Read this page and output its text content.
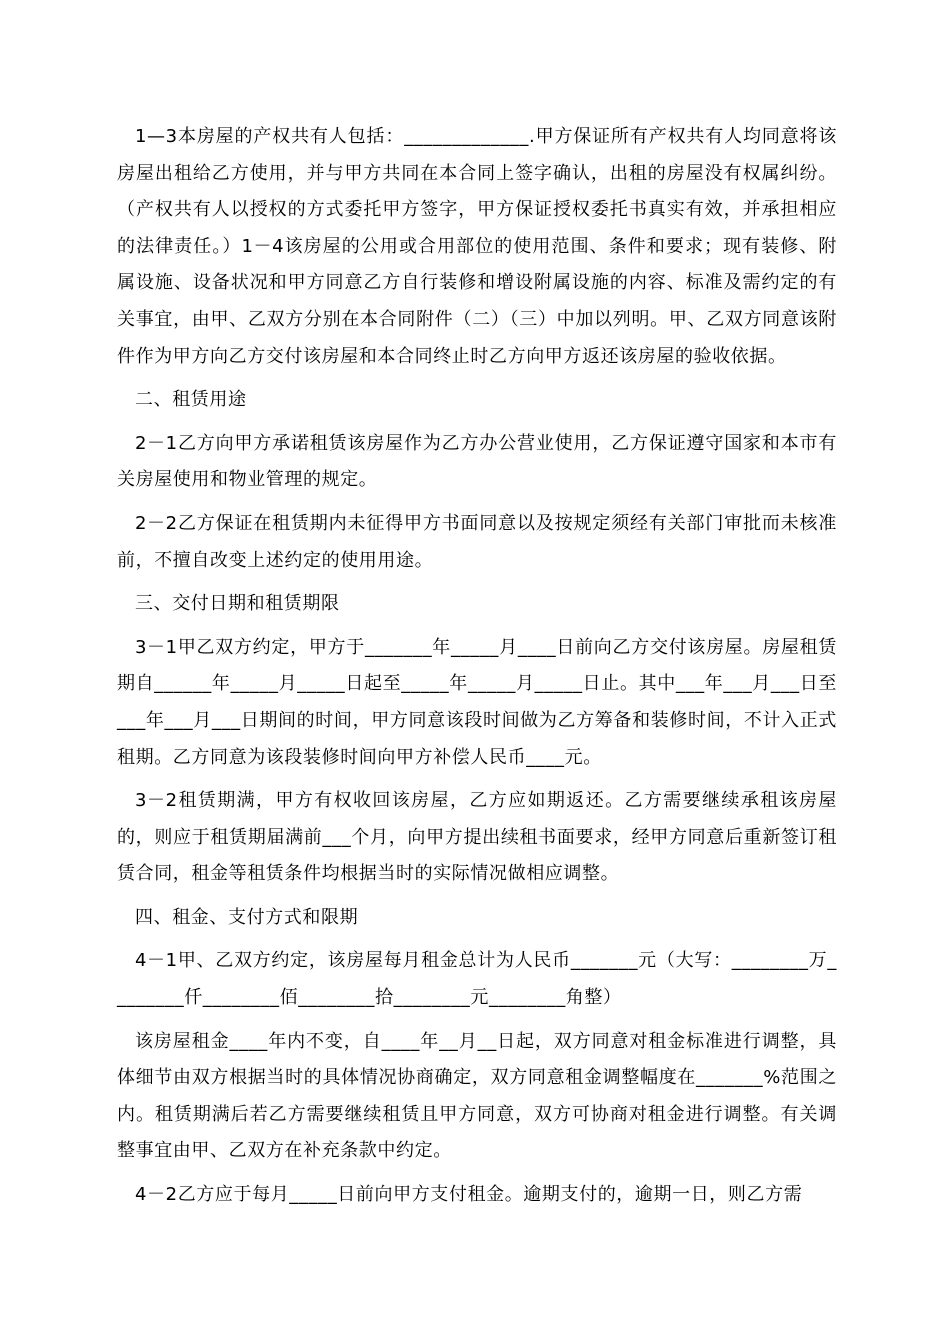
1—3本房屋的产权共有人包括：_____________.甲方保证所有产权共有人均同意将该房屋出租给乙方使用，并与甲方共同在本合同上签字确认，出租的房屋没有权属纠纷。（产权共有人以授权的方式委托甲方签字，甲方保证授权委托书真实有效，并承担相应的法律责任。）1－4该房屋的公用或合用部位的使用范围、条件和要求；现有装修、附属设施、设备状况和甲方同意乙方自行装修和增设附属设施的内容、标准及需约定的有关事宜，由甲、乙双方分别在本合同附件（二）（三）中加以列明。甲、乙双方同意该附件作为甲方向乙方交付该房屋和本合同终止时乙方向甲方返还该房屋的验收依据。

二、租赁用途

2－1乙方向甲方承诺租赁该房屋作为乙方办公营业使用，乙方保证遵守国家和本市有关房屋使用和物业管理的规定。

2－2乙方保证在租赁期内未征得甲方书面同意以及按规定须经有关部门审批而未核准前，不擅自改变上述约定的使用用途。

三、交付日期和租赁期限

3－1甲乙双方约定，甲方于_______年_____月____日前向乙方交付该房屋。房屋租赁期自______年_____月_____日起至_____年_____月_____日止。其中___年___月___日至___年___月___日期间的时间，甲方同意该段时间做为乙方筹备和装修时间，不计入正式租期。乙方同意为该段装修时间向甲方补偿人民币____元。

3－2租赁期满，甲方有权收回该房屋，乙方应如期返还。乙方需要继续承租该房屋的，则应于租赁期届满前___个月，向甲方提出续租书面要求，经甲方同意后重新签订租赁合同，租金等租赁条件均根据当时的实际情况做相应调整。

四、租金、支付方式和限期

4－1甲、乙双方约定，该房屋每月租金总计为人民币_______元（大写：________万________仟________佰________拾________元________角整）

该房屋租金____年内不变，自____年__月__日起，双方同意对租金标准进行调整，具体细节由双方根据当时的具体情况协商确定，双方同意租金调整幅度在_______%范围之内。租赁期满后若乙方需要继续租赁且甲方同意，双方可协商对租金进行调整。有关调整事宜由甲、乙双方在补充条款中约定。

4－2乙方应于每月_____日前向甲方支付租金。逾期支付的，逾期一日，则乙方需
